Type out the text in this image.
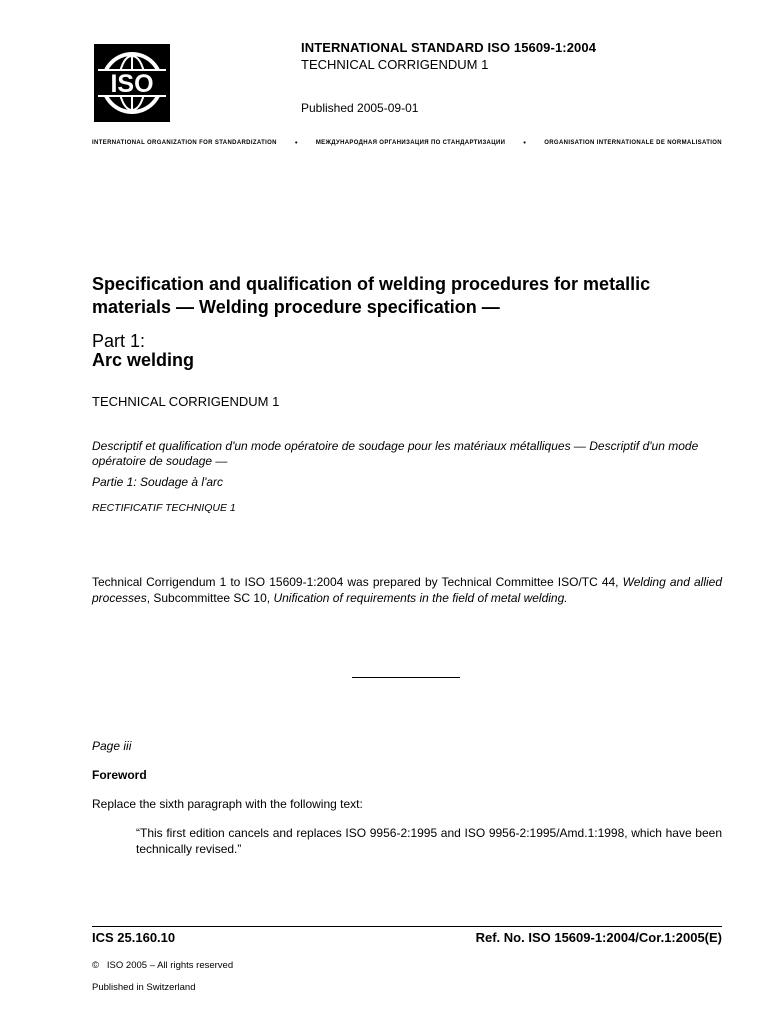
ISO
INTERNATIONAL STANDARD ISO 15609-1:2004
TECHNICAL CORRIGENDUM 1
Published 2005-09-01
INTERNATIONAL ORGANIZATION FOR STANDARDIZATION	•	МЕЖДУНАРОДНАЯ ОРГАНИЗАЦИЯ ПО СТАНДАРТИЗАЦИИ	•	ORGANISATION INTERNATIONALE DE NORMALISATION
Specification and qualification of welding procedures for metallic materials — Welding procedure specification —
Part 1:
Arc welding
TECHNICAL CORRIGENDUM 1
Descriptif et qualification d'un mode opératoire de soudage pour les matériaux métalliques — Descriptif d'un mode opératoire de soudage —
Partie 1: Soudage à l'arc
RECTIFICATIF TECHNIQUE 1
Technical Corrigendum 1 to ISO 15609-1:2004 was prepared by Technical Committee ISO/TC 44, Welding and allied processes, Subcommittee SC 10, Unification of requirements in the field of metal welding.
Page iii
Foreword
Replace the sixth paragraph with the following text:
“This first edition cancels and replaces ISO 9956-2:1995 and ISO 9956-2:1995/Amd.1:1998, which have been technically revised.”
ICS 25.160.10	Ref. No. ISO 15609-1:2004/Cor.1:2005(E)
© ISO 2005 – All rights reserved
Published in Switzerland
